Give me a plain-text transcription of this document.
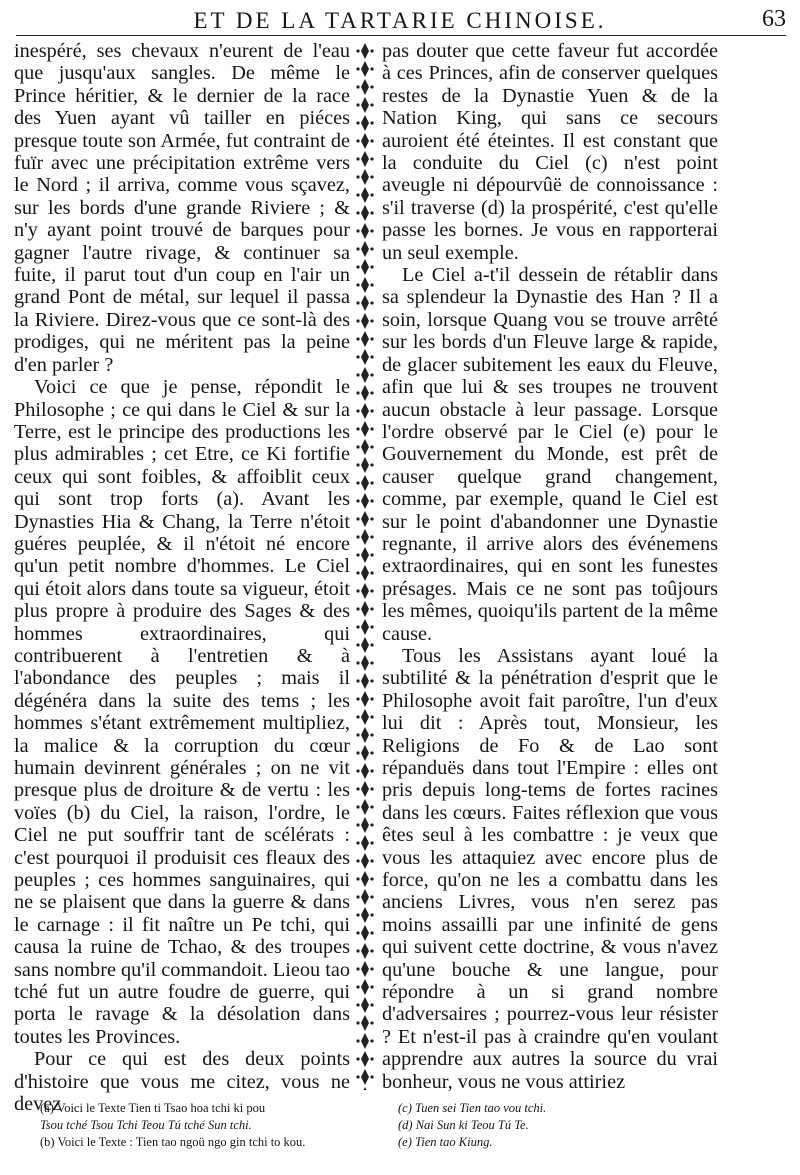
ET DE LA TARTARIE CHINOISE.	63

inespéré, ses chevaux n'eurent de l'eau que jusqu'aux sangles. De même le Prince héritier, & le dernier de la race des Yuen ayant vû tailler en piéces presque toute son Armée, fut contraint de fuïr avec une précipitation extrême vers le Nord ; il arriva, comme vous sçavez, sur les bords d'une grande Riviere ; & n'y ayant point trouvé de barques pour gagner l'autre rivage, & continuer sa fuite, il parut tout d'un coup en l'air un grand Pont de métal, sur lequel il passa la Riviere. Direz-vous que ce sont-là des prodiges, qui ne méritent pas la peine d'en parler ?

Voici ce que je pense, répondit le Philosophe ; ce qui dans le Ciel & sur la Terre, est le principe des productions les plus admirables ; cet Etre, ce Ki fortifie ceux qui sont foibles, & affoiblit ceux qui sont trop forts (a). Avant les Dynasties Hia & Chang, la Terre n'étoit guéres peuplée, & il n'étoit né encore qu'un petit nombre d'hommes. Le Ciel qui étoit alors dans toute sa vigueur, étoit plus propre à produire des Sages & des hommes extraordinaires, qui contribuerent à l'entretien & à l'abondance des peuples ; mais il dégénéra dans la suite des tems ; les hommes s'étant extrêmement multipliez, la malice & la corruption du cœur humain devinrent générales ; on ne vit presque plus de droiture & de vertu : les voïes (b) du Ciel, la raison, l'ordre, le Ciel ne put souffrir tant de scélérats : c'est pourquoi il produisit ces fleaux des peuples ; ces hommes sanguinaires, qui ne se plaisent que dans la guerre & dans le carnage : il fit naître un Pe tchi, qui causa la ruine de Tchao, & des troupes sans nombre qu'il commandoit. Lieou tao tché fut un autre foudre de guerre, qui porta le ravage & la désolation dans toutes les Provinces.

Pour ce qui est des deux points d'histoire que vous me citez, vous ne devez

pas douter que cette faveur fut accordée à ces Princes, afin de conserver quelques restes de la Dynastie Yuen & de la Nation King, qui sans ce secours auroient été éteintes. Il est constant que la conduite du Ciel (c) n'est point aveugle ni dépourvûë de connoissance : s'il traverse (d) la prospérité, c'est qu'elle passe les bornes. Je vous en rapporterai un seul exemple.

Le Ciel a-t'il dessein de rétablir dans sa splendeur la Dynastie des Han ? Il a soin, lorsque Quang vou se trouve arrêté sur les bords d'un Fleuve large & rapide, de glacer subitement les eaux du Fleuve, afin que lui & ses troupes ne trouvent aucun obstacle à leur passage. Lorsque l'ordre observé par le Ciel (e) pour le Gouvernement du Monde, est prêt de causer quelque grand changement, comme, par exemple, quand le Ciel est sur le point d'abandonner une Dynastie regnante, il arrive alors des événemens extraordinaires, qui en sont les funestes présages. Mais ce ne sont pas toûjours les mêmes, quoiqu'ils partent de la même cause.

Tous les Assistans ayant loué la subtilité & la pénétration d'esprit que le Philosophe avoit fait paroître, l'un d'eux lui dit : Après tout, Monsieur, les Religions de Fo & de Lao sont répanduës dans tout l'Empire : elles ont pris depuis long-tems de fortes racines dans les cœurs. Faites réflexion que vous êtes seul à les combattre : je veux que vous les attaquiez avec encore plus de force, qu'on ne les a combattu dans les anciens Livres, vous n'en serez pas moins assailli par une infinité de gens qui suivent cette doctrine, & vous n'avez qu'une bouche & une langue, pour répondre à un si grand nombre d'adversaires ; pourrez-vous leur résister ? Et n'est-il pas à craindre qu'en voulant apprendre aux autres la source du vrai bonheur, vous ne vous attiriez

(a) Voici le Texte Tien ti Tsao hoa tchi ki pou
Tsou tché Tsou Tchi Teou Tú tché Sun tchi.
(b) Voici le Texte : Tien tao ngoü ngo gin tchi to kou.
(c) Tuen sei Tien tao vou tchi.
(d) Nai Sun ki Teou Tú Te.
(e) Tien tao Kiung.
